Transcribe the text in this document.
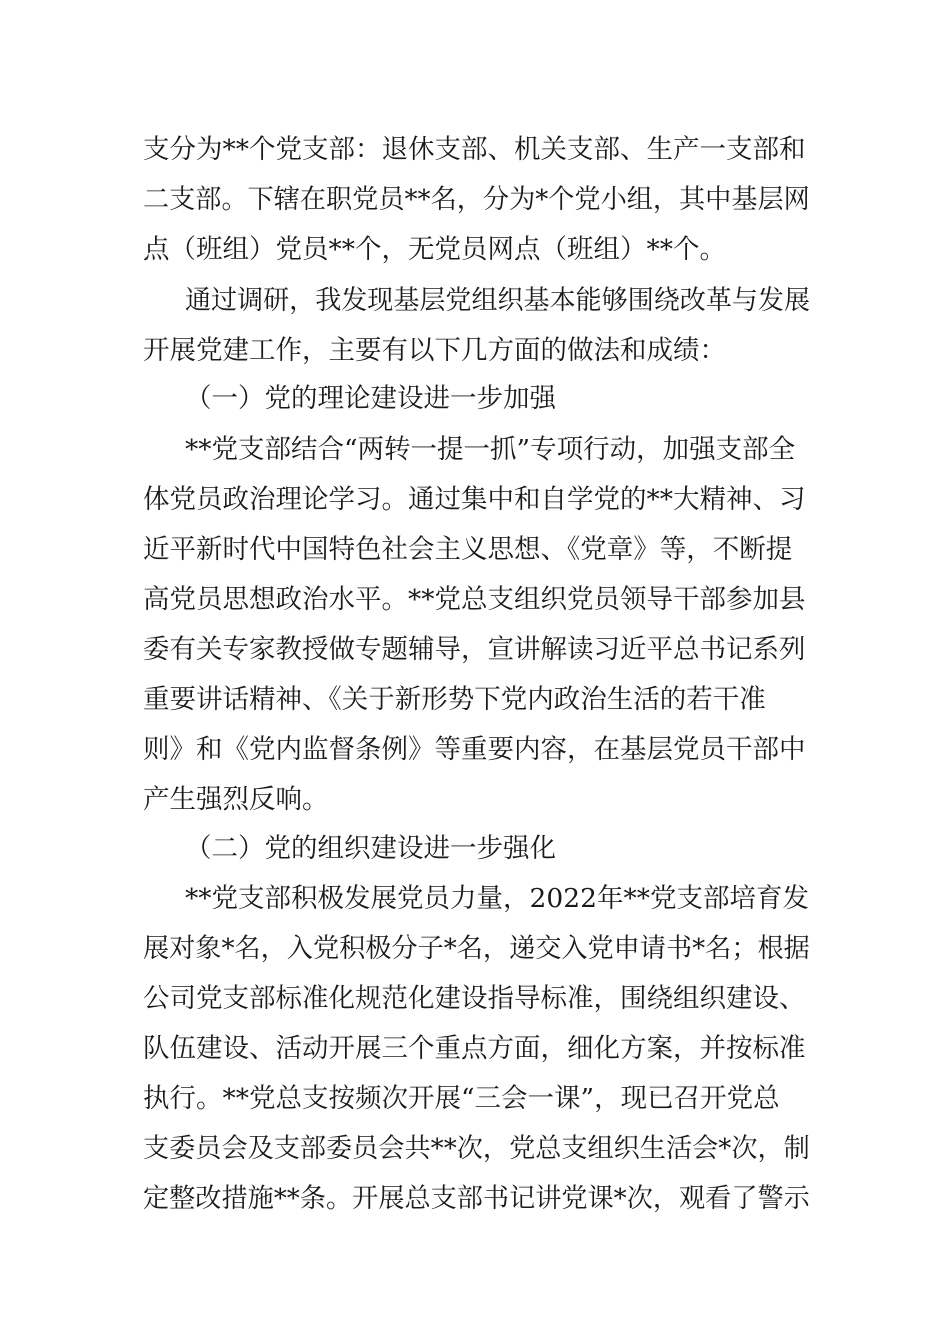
支分为**个党支部：退休支部、机关支部、生产一支部和
二支部。下辖在职党员**名，分为*个党小组，其中基层网
点（班组）党员**个，无党员网点（班组）**个。
通过调研，我发现基层党组织基本能够围绕改革与发展
开展党建工作，主要有以下几方面的做法和成绩：
（一）党的理论建设进一步加强
**党支部结合“两转一提一抓”专项行动，加强支部全
体党员政治理论学习。通过集中和自学党的**大精神、习
近平新时代中国特色社会主义思想、《党章》等，不断提
高党员思想政治水平。**党总支组织党员领导干部参加县
委有关专家教授做专题辅导，宣讲解读习近平总书记系列
重要讲话精神、《关于新形势下党内政治生活的若干准
则》和《党内监督条例》等重要内容，在基层党员干部中
产生强烈反响。
（二）党的组织建设进一步强化
**党支部积极发展党员力量，2022年**党支部培育发
展对象*名，入党积极分子*名，递交入党申请书*名；根据
公司党支部标准化规范化建设指导标准，围绕组织建设、
队伍建设、活动开展三个重点方面，细化方案，并按标准
执行。**党总支按频次开展“三会一课”，现已召开党总
支委员会及支部委员会共**次，党总支组织生活会*次，制
定整改措施**条。开展总支部书记讲党课*次，观看了警示
